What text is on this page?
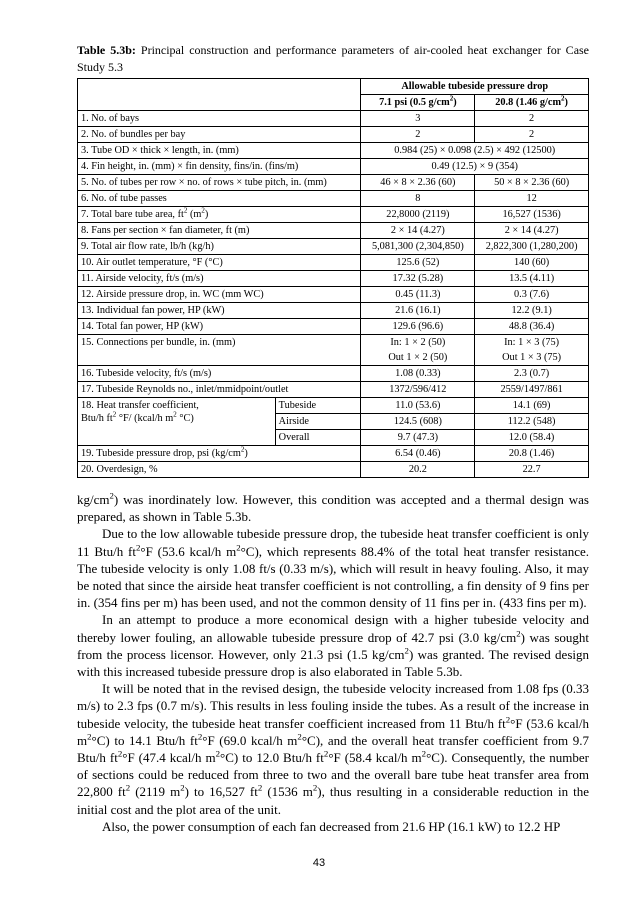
Table 5.3b: Principal construction and performance parameters of air-cooled heat exchanger for Case Study 5.3
		Allowable tubeside pressure drop	
		7.1 psi (0.5 $g/cm^2$)	20.8 (1.46 $g/cm^2$)
1. No. of bays		3	2
2. No. of bundles per bay		2	2
3. Tube OD × thick × length, in. (mm)		0.984 (25) × 0.098 (2.5) × 492 (12500)	
4. Fin height, in. (mm) × fin density, fins/in. (fins/m)		0.49 (12.5) × 9 (354)	
5. No. of tubes per row × no. of rows × tube pitch, in. (mm)		46 × 8 × 2.36 (60)	50 × 8 × 2.36 (60)
6. No. of tube passes		8	12
7. Total bare tube area, $ft^2$ $(m^2)$		22,8000 (2119)	16,527 (1536)
8. Fans per section × fan diameter, ft (m)		2 × 14 (4.27)	2 × 14 (4.27)
9. Total air flow rate, lb/h (kg/h)		5,081,300 (2,304,850)	2,822,300 (1,280,200)
10. Air outlet temperature, °F (°C)		125.6 (52)	140 (60)
11. Airside velocity, ft/s (m/s)		17.32 (5.28)	13.5 (4.11)
12. Airside pressure drop, in. WC (mm WC)		0.45 (11.3)	0.3 (7.6)
13. Individual fan power, HP (kW)		21.6 (16.1)	12.2 (9.1)
14. Total fan power, HP (kW)		129.6 (96.6)	48.8 (36.4)
15. Connections per bundle, in. (mm)		In: 1 × 2 (50)	In: 1 × 3 (75)
		Out 1 × 2 (50)	Out 1 × 3 (75)
16. Tubeside velocity, ft/s (m/s)		1.08 (0.33)	2.3 (0.7)
17. Tubeside Reynolds no., inlet/mmidpoint/outlet		1372/596/412	2559/1497/861
18. Heat transfer coefficient,
Btu/h $ft^2$ °F/ (kcal/h $m^2$ °C)	Tubeside	11.0 (53.6)	14.1 (69)
	Airside	124.5 (608)	112.2 (548)
	Overall	9.7 (47.3)	12.0 (58.4)
19. Tubeside pressure drop, psi $(kg/cm^2)$		6.54 (0.46)	20.8 (1.46)
20. Overdesign, %		20.2	22.7

$kg/cm^2$) was inordinately low. However, this condition was accepted and a thermal design was prepared, as shown in Table 5.3b.

Due to the low allowable tubeside pressure drop, the tubeside heat transfer coefficient is only 11 Btu/h $ft^2^\circ F$ (53.6 kcal/h $m^2^\circ C$), which represents 88.4% of the total heat transfer resistance. The tubeside velocity is only 1.08 ft/s (0.33 m/s), which will result in heavy fouling. Also, it may be noted that since the airside heat transfer coefficient is not controlling, a fin density of 9 fins per in. (354 fins per m) has been used, and not the common density of 11 fins per in. (433 fins per m).

In an attempt to produce a more economical design with a higher tubeside velocity and thereby lower fouling, an allowable tubeside pressure drop of 42.7 psi (3.0 $kg/cm^2$) was sought from the process licensor. However, only 21.3 psi (1.5 $kg/cm^2$) was granted. The revised design with this increased tubeside pressure drop is also elaborated in Table 5.3b.

It will be noted that in the revised design, the tubeside velocity increased from 1.08 fps (0.33 m/s) to 2.3 fps (0.7 m/s). This results in less fouling inside the tubes. As a result of the increase in tubeside velocity, the tubeside heat transfer coefficient increased from 11 Btu/h $ft^2^\circ F$ (53.6 kcal/h $m^2^\circ C$) to 14.1 Btu/h $ft^2^\circ F$ (69.0 kcal/h $m^2^\circ C$), and the overall heat transfer coefficient from 9.7 Btu/h $ft^2^\circ F$ (47.4 kcal/h $m^2^\circ C$) to 12.0 Btu/h $ft^2^\circ F$ (58.4 kcal/h $m^2^\circ C$). Consequently, the number of sections could be reduced from three to two and the overall bare tube heat transfer area from 22,800 $ft^2$ (2119 $m^2$) to 16,527 $ft^2$ (1536 $m^2$), thus resulting in a considerable reduction in the initial cost and the plot area of the unit.

Also, the power consumption of each fan decreased from 21.6 HP (16.1 kW) to 12.2 HP

43
